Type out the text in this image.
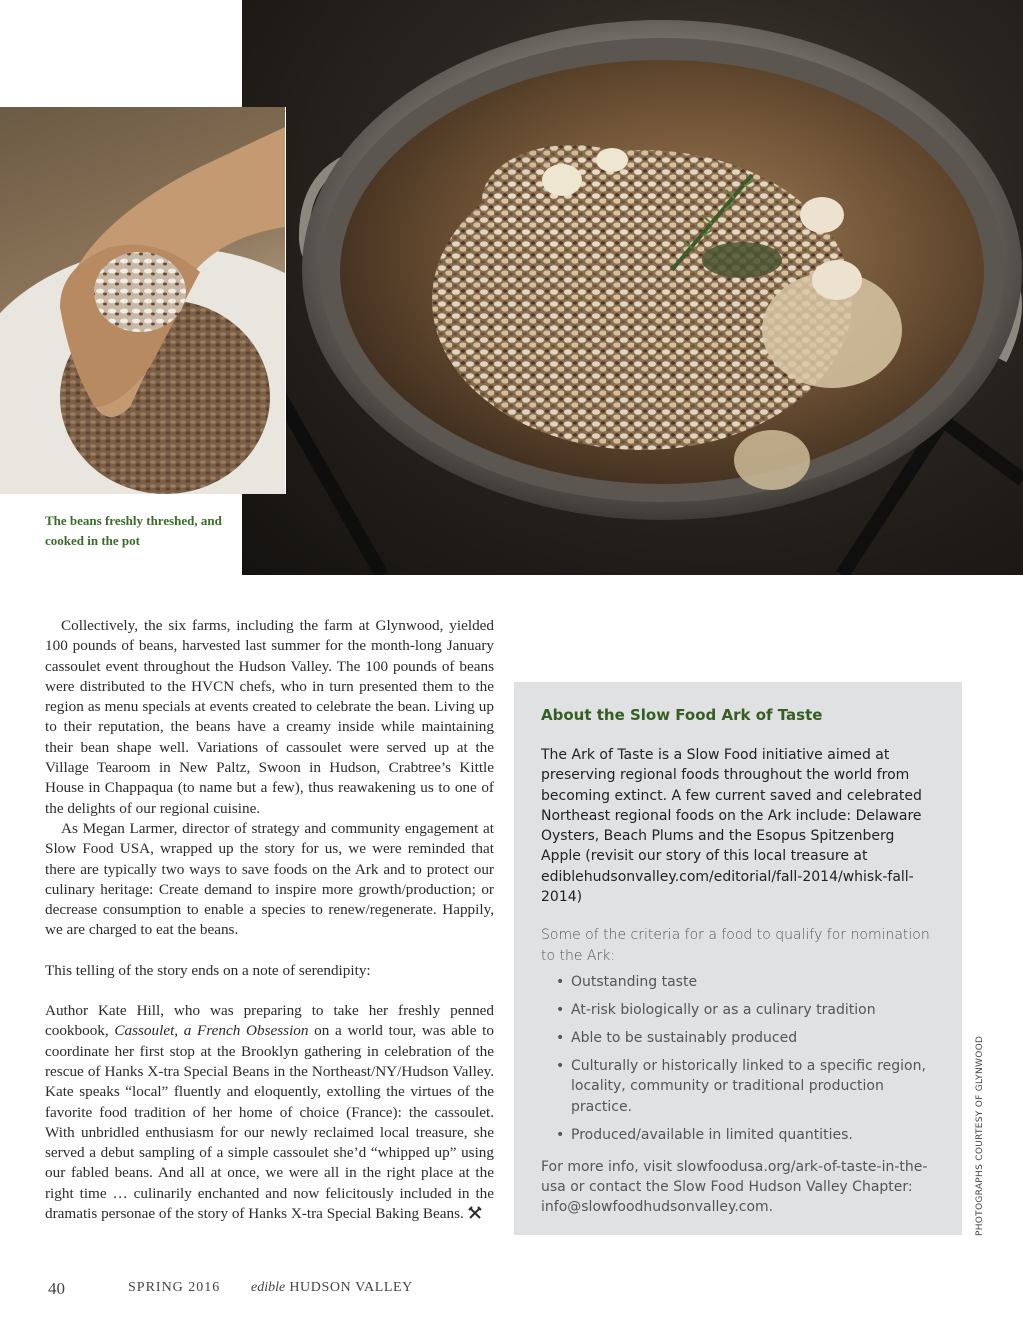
The beans freshly threshed, and cooked in the pot

Collectively, the six farms, including the farm at Glynwood, yielded 100 pounds of beans, harvested last summer for the month-long January cassoulet event throughout the Hudson Valley. The 100 pounds of beans were distributed to the HVCN chefs, who in turn presented them to the region as menu specials at events created to celebrate the bean. Living up to their reputation, the beans have a creamy inside while maintaining their bean shape well. Variations of cassoulet were served up at the Village Tearoom in New Paltz, Swoon in Hudson, Crabtree’s Kittle House in Chappaqua (to name but a few), thus reawakening us to one of the delights of our regional cuisine.

As Megan Larmer, director of strategy and community engagement at Slow Food USA, wrapped up the story for us, we were reminded that there are typically two ways to save foods on the Ark and to protect our culinary heritage: Create demand to inspire more growth/production; or decrease consumption to enable a species to renew/regenerate. Happily, we are charged to eat the beans.

This telling of the story ends on a note of serendipity:

Author Kate Hill, who was preparing to take her freshly penned cookbook, Cassoulet, a French Obsession on a world tour, was able to coordinate her first stop at the Brooklyn gathering in celebration of the rescue of Hanks X-tra Special Beans in the Northeast/NY/Hudson Valley. Kate speaks “local” fluently and eloquently, extolling the virtues of the favorite food tradition of her home of choice (France): the cassoulet. With unbridled enthusiasm for our newly reclaimed local treasure, she served a debut sampling of a simple cassoulet she’d “whipped up” using our fabled beans. And all at once, we were all in the right place at the right time … culinarily enchanted and now felicitously included in the dramatis personae of the story of Hanks X-tra Special Baking Beans.

About the Slow Food Ark of Taste

The Ark of Taste is a Slow Food initiative aimed at preserving regional foods throughout the world from becoming extinct. A few current saved and celebrated Northeast regional foods on the Ark include: Delaware Oysters, Beach Plums and the Esopus Spitzenberg Apple (revisit our story of this local treasure at ediblehudsonvalley.com/editorial/fall-2014/whisk-fall-2014)

Some of the criteria for a food to qualify for nomination to the Ark:

• Outstanding taste
• At-risk biologically or as a culinary tradition
• Able to be sustainably produced
• Culturally or historically linked to a specific region, locality, community or traditional production practice.
• Produced/available in limited quantities.

For more info, visit slowfoodusa.org/ark-of-taste-in-the-usa or contact the Slow Food Hudson Valley Chapter: info@slowfoodhudsonvalley.com.	PHOTOGRAPHS COURTESY OF GLYNWOOD
40	SPRING 2016 edible HUDSON VALLEY
